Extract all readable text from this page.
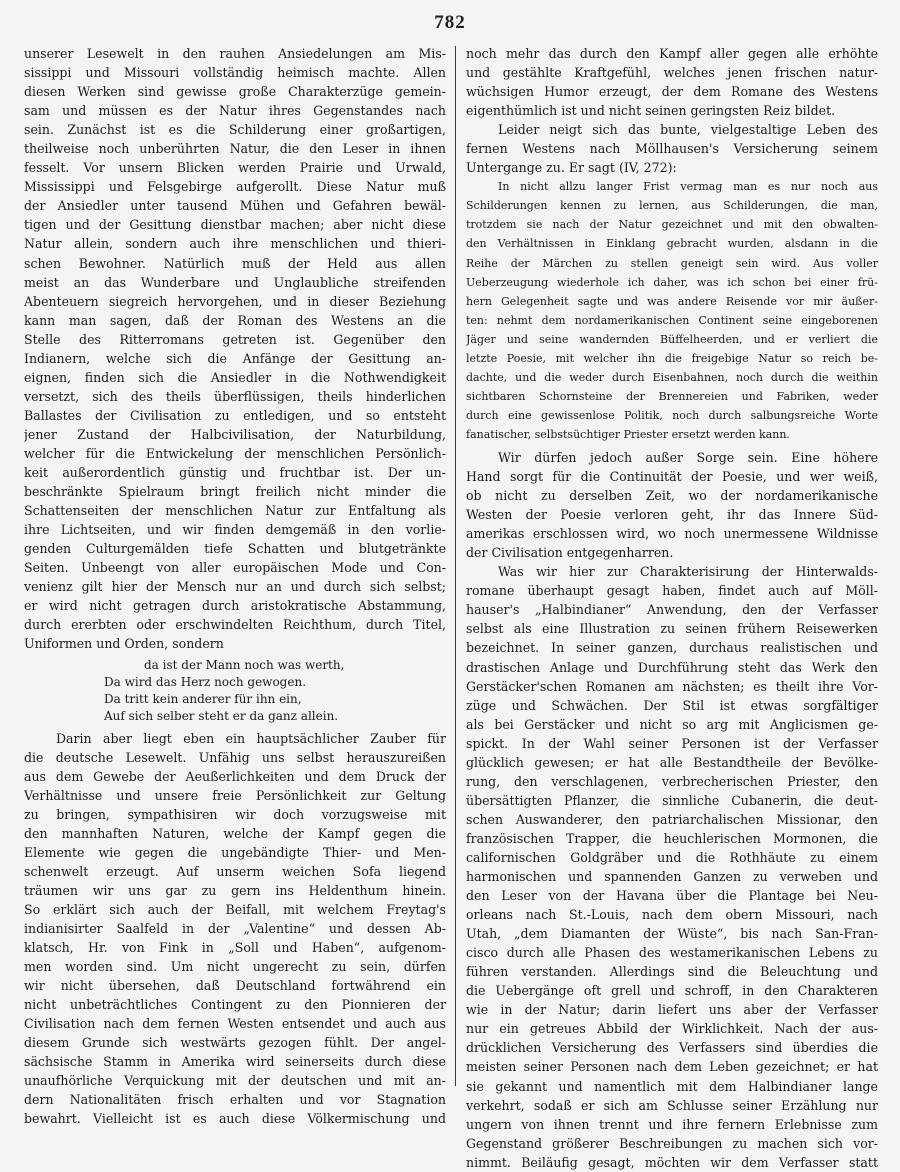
782
unserer Lesewelt in den rauhen Ansiedelungen am Mis-
sissippi und Missouri vollständig heimisch machte. Allen
diesen Werken sind gewisse große Charakterzüge gemein-
sam und müssen es der Natur ihres Gegenstandes nach
sein. Zunächst ist es die Schilderung einer großartigen,
theilweise noch unberührten Natur, die den Leser in ihnen
fesselt. Vor unsern Blicken werden Prairie und Urwald,
Mississippi und Felsgebirge aufgerollt. Diese Natur muß
der Ansiedler unter tausend Mühen und Gefahren bewäl-
tigen und der Gesittung dienstbar machen; aber nicht diese
Natur allein, sondern auch ihre menschlichen und thieri-
schen Bewohner. Natürlich muß der Held aus allen
meist an das Wunderbare und Unglaubliche streifenden
Abenteuern siegreich hervorgehen, und in dieser Beziehung
kann man sagen, daß der Roman des Westens an die
Stelle des Ritterromans getreten ist. Gegenüber den
Indianern, welche sich die Anfänge der Gesittung an-
eignen, finden sich die Ansiedler in die Nothwendigkeit
versetzt, sich des theils überflüssigen, theils hinderlichen
Ballastes der Civilisation zu entledigen, und so entsteht
jener Zustand der Halbcivilisation, der Naturbildung,
welcher für die Entwickelung der menschlichen Persönlich-
keit außerordentlich günstig und fruchtbar ist. Der un-
beschränkte Spielraum bringt freilich nicht minder die
Schattenseiten der menschlichen Natur zur Entfaltung als
ihre Lichtseiten, und wir finden demgemäß in den vorlie-
genden Culturgemälden tiefe Schatten und blutgetränkte
Seiten. Unbeengt von aller europäischen Mode und Con-
venienz gilt hier der Mensch nur an und durch sich selbst;
er wird nicht getragen durch aristokratische Abstammung,
durch ererbten oder erschwindelten Reichthum, durch Titel,
Uniformen und Orden, sondern
da ist der Mann noch was werth,
Da wird das Herz noch gewogen.
Da tritt kein anderer für ihn ein,
Auf sich selber steht er da ganz allein.
Darin aber liegt eben ein hauptsächlicher Zauber für
die deutsche Lesewelt. Unfähig uns selbst herauszureißen
aus dem Gewebe der Aeußerlichkeiten und dem Druck der
Verhältnisse und unsere freie Persönlichkeit zur Geltung
zu bringen, sympathisiren wir doch vorzugsweise mit
den mannhaften Naturen, welche der Kampf gegen die
Elemente wie gegen die ungebändigte Thier- und Men-
schenwelt erzeugt. Auf unserm weichen Sofa liegend
träumen wir uns gar zu gern ins Heldenthum hinein.
So erklärt sich auch der Beifall, mit welchem Freytag's
indianisirter Saalfeld in der „Valentine“ und dessen Ab-
klatsch, Hr. von Fink in „Soll und Haben“, aufgenom-
men worden sind. Um nicht ungerecht zu sein, dürfen
wir nicht übersehen, daß Deutschland fortwährend ein
nicht unbeträchtliches Contingent zu den Pionnieren der
Civilisation nach dem fernen Westen entsendet und auch aus
diesem Grunde sich westwärts gezogen fühlt. Der angel-
sächsische Stamm in Amerika wird seinerseits durch diese
unaufhörliche Verquickung mit der deutschen und mit an-
dern Nationalitäten frisch erhalten und vor Stagnation
bewahrt. Vielleicht ist es auch diese Völkermischung und
noch mehr das durch den Kampf aller gegen alle erhöhte
und gestählte Kraftgefühl, welches jenen frischen natur-
wüchsigen Humor erzeugt, der dem Romane des Westens
eigenthümlich ist und nicht seinen geringsten Reiz bildet.
Leider neigt sich das bunte, vielgestaltige Leben des
fernen Westens nach Möllhausen's Versicherung seinem
Untergange zu. Er sagt (IV, 272):
In nicht allzu langer Frist vermag man es nur noch aus
Schilderungen kennen zu lernen, aus Schilderungen, die man,
trotzdem sie nach der Natur gezeichnet und mit den obwalten-
den Verhältnissen in Einklang gebracht wurden, alsdann in die
Reihe der Märchen zu stellen geneigt sein wird. Aus voller
Ueberzeugung wiederhole ich daher, was ich schon bei einer frü-
hern Gelegenheit sagte und was andere Reisende vor mir äußer-
ten: nehmt dem nordamerikanischen Continent seine eingeborenen
Jäger und seine wandernden Büffelheerden, und er verliert die
letzte Poesie, mit welcher ihn die freigebige Natur so reich be-
dachte, und die weder durch Eisenbahnen, noch durch die weithin
sichtbaren Schornsteine der Brennereien und Fabriken, weder
durch eine gewissenlose Politik, noch durch salbungsreiche Worte
fanatischer, selbstsüchtiger Priester ersetzt werden kann.
Wir dürfen jedoch außer Sorge sein. Eine höhere
Hand sorgt für die Continuität der Poesie, und wer weiß,
ob nicht zu derselben Zeit, wo der nordamerikanische
Westen der Poesie verloren geht, ihr das Innere Süd-
amerikas erschlossen wird, wo noch unermessene Wildnisse
der Civilisation entgegenharren.
Was wir hier zur Charakterisirung der Hinterwalds-
romane überhaupt gesagt haben, findet auch auf Möll-
hauser's „Halbindianer“ Anwendung, den der Verfasser
selbst als eine Illustration zu seinen frühern Reisewerken
bezeichnet. In seiner ganzen, durchaus realistischen und
drastischen Anlage und Durchführung steht das Werk den
Gerstäcker'schen Romanen am nächsten; es theilt ihre Vor-
züge und Schwächen. Der Stil ist etwas sorgfältiger
als bei Gerstäcker und nicht so arg mit Anglicismen ge-
spickt. In der Wahl seiner Personen ist der Verfasser
glücklich gewesen; er hat alle Bestandtheile der Bevölke-
rung, den verschlagenen, verbrecherischen Priester, den
übersättigten Pflanzer, die sinnliche Cubanerin, die deut-
schen Auswanderer, den patriarchalischen Missionar, den
französischen Trapper, die heuchlerischen Mormonen, die
californischen Goldgräber und die Rothhäute zu einem
harmonischen und spannenden Ganzen zu verweben und
den Leser von der Havana über die Plantage bei Neu-
orleans nach St.-Louis, nach dem obern Missouri, nach
Utah, „dem Diamanten der Wüste“, bis nach San-Fran-
cisco durch alle Phasen des westamerikanischen Lebens zu
führen verstanden. Allerdings sind die Beleuchtung und
die Uebergänge oft grell und schroff, in den Charakteren
wie in der Natur; darin liefert uns aber der Verfasser
nur ein getreues Abbild der Wirklichkeit. Nach der aus-
drücklichen Versicherung des Verfassers sind überdies die
meisten seiner Personen nach dem Leben gezeichnet; er hat
sie gekannt und namentlich mit dem Halbindianer lange
verkehrt, sodaß er sich am Schlusse seiner Erzählung nur
ungern von ihnen trennt und ihre fernern Erlebnisse zum
Gegenstand größerer Beschreibungen zu machen sich vor-
nimmt. Beiläufig gesagt, möchten wir dem Verfasser statt
